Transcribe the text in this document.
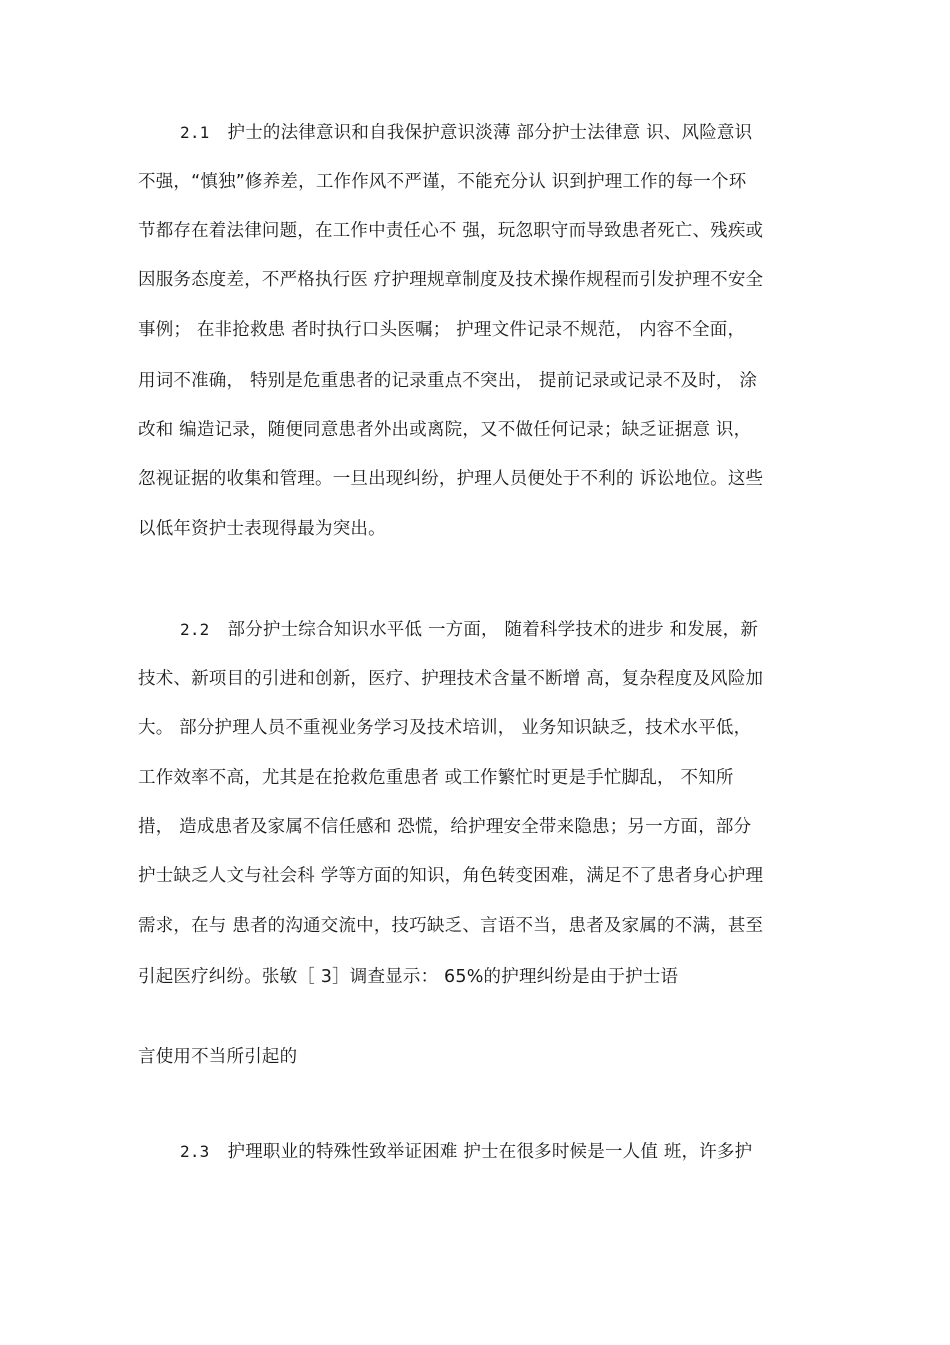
2.1 护士的法律意识和自我保护意识淡薄 部分护士法律意 识、风险意识
不强，“慎独”修养差，工作作风不严谨，不能充分认 识到护理工作的每一个环
节都存在着法律问题，在工作中责任心不 强，玩忽职守而导致患者死亡、残疾或
因服务态度差，不严格执行医 疗护理规章制度及技术操作规程而引发护理不安全
事例； 在非抢救患 者时执行口头医嘱； 护理文件记录不规范， 内容不全面，
用词不准确， 特别是危重患者的记录重点不突出， 提前记录或记录不及时， 涂
改和 编造记录，随便同意患者外出或离院，又不做任何记录；缺乏证据意 识，
忽视证据的收集和管理。一旦出现纠纷，护理人员便处于不利的 诉讼地位。这些
以低年资护士表现得最为突出。
2.2 部分护士综合知识水平低 一方面， 随着科学技术的进步 和发展，新
技术、新项目的引进和创新，医疗、护理技术含量不断增 高，复杂程度及风险加
大。 部分护理人员不重视业务学习及技术培训， 业务知识缺乏，技术水平低，
工作效率不高，尤其是在抢救危重患者 或工作繁忙时更是手忙脚乱， 不知所
措， 造成患者及家属不信任感和 恐慌，给护理安全带来隐患；另一方面，部分
护士缺乏人文与社会科 学等方面的知识，角色转变困难，满足不了患者身心护理
需求，在与 患者的沟通交流中，技巧缺乏、言语不当，患者及家属的不满，甚至
引起医疗纠纷。张敏［ 3］调查显示： 65%的护理纠纷是由于护士语
言使用不当所引起的
2.3 护理职业的特殊性致举证困难 护士在很多时候是一人值 班，许多护
